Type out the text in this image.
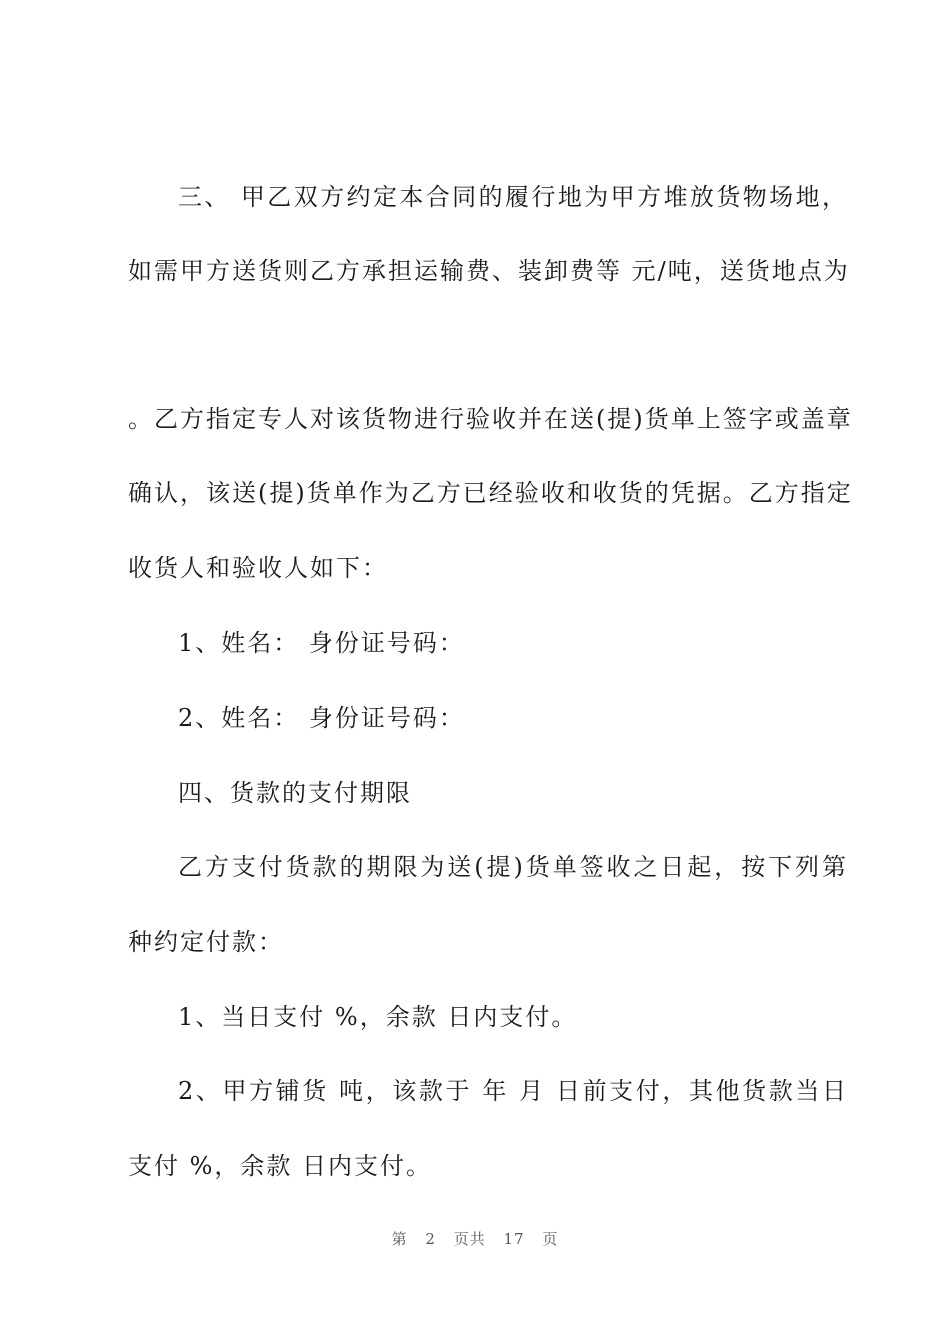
三、 甲乙双方约定本合同的履行地为甲方堆放货物场地，
如需甲方送货则乙方承担运输费、装卸费等 元/吨，送货地点为
。乙方指定专人对该货物进行验收并在送(提)货单上签字或盖章
确认，该送(提)货单作为乙方已经验收和收货的凭据。乙方指定
收货人和验收人如下：
1、姓名： 身份证号码：
2、姓名： 身份证号码：
四、货款的支付期限
乙方支付货款的期限为送(提)货单签收之日起，按下列第
种约定付款：
1、当日支付 %，余款 日内支付。
2、甲方铺货 吨，该款于 年 月 日前支付，其他货款当日
支付 %，余款 日内支付。
第 2 页共 17 页
